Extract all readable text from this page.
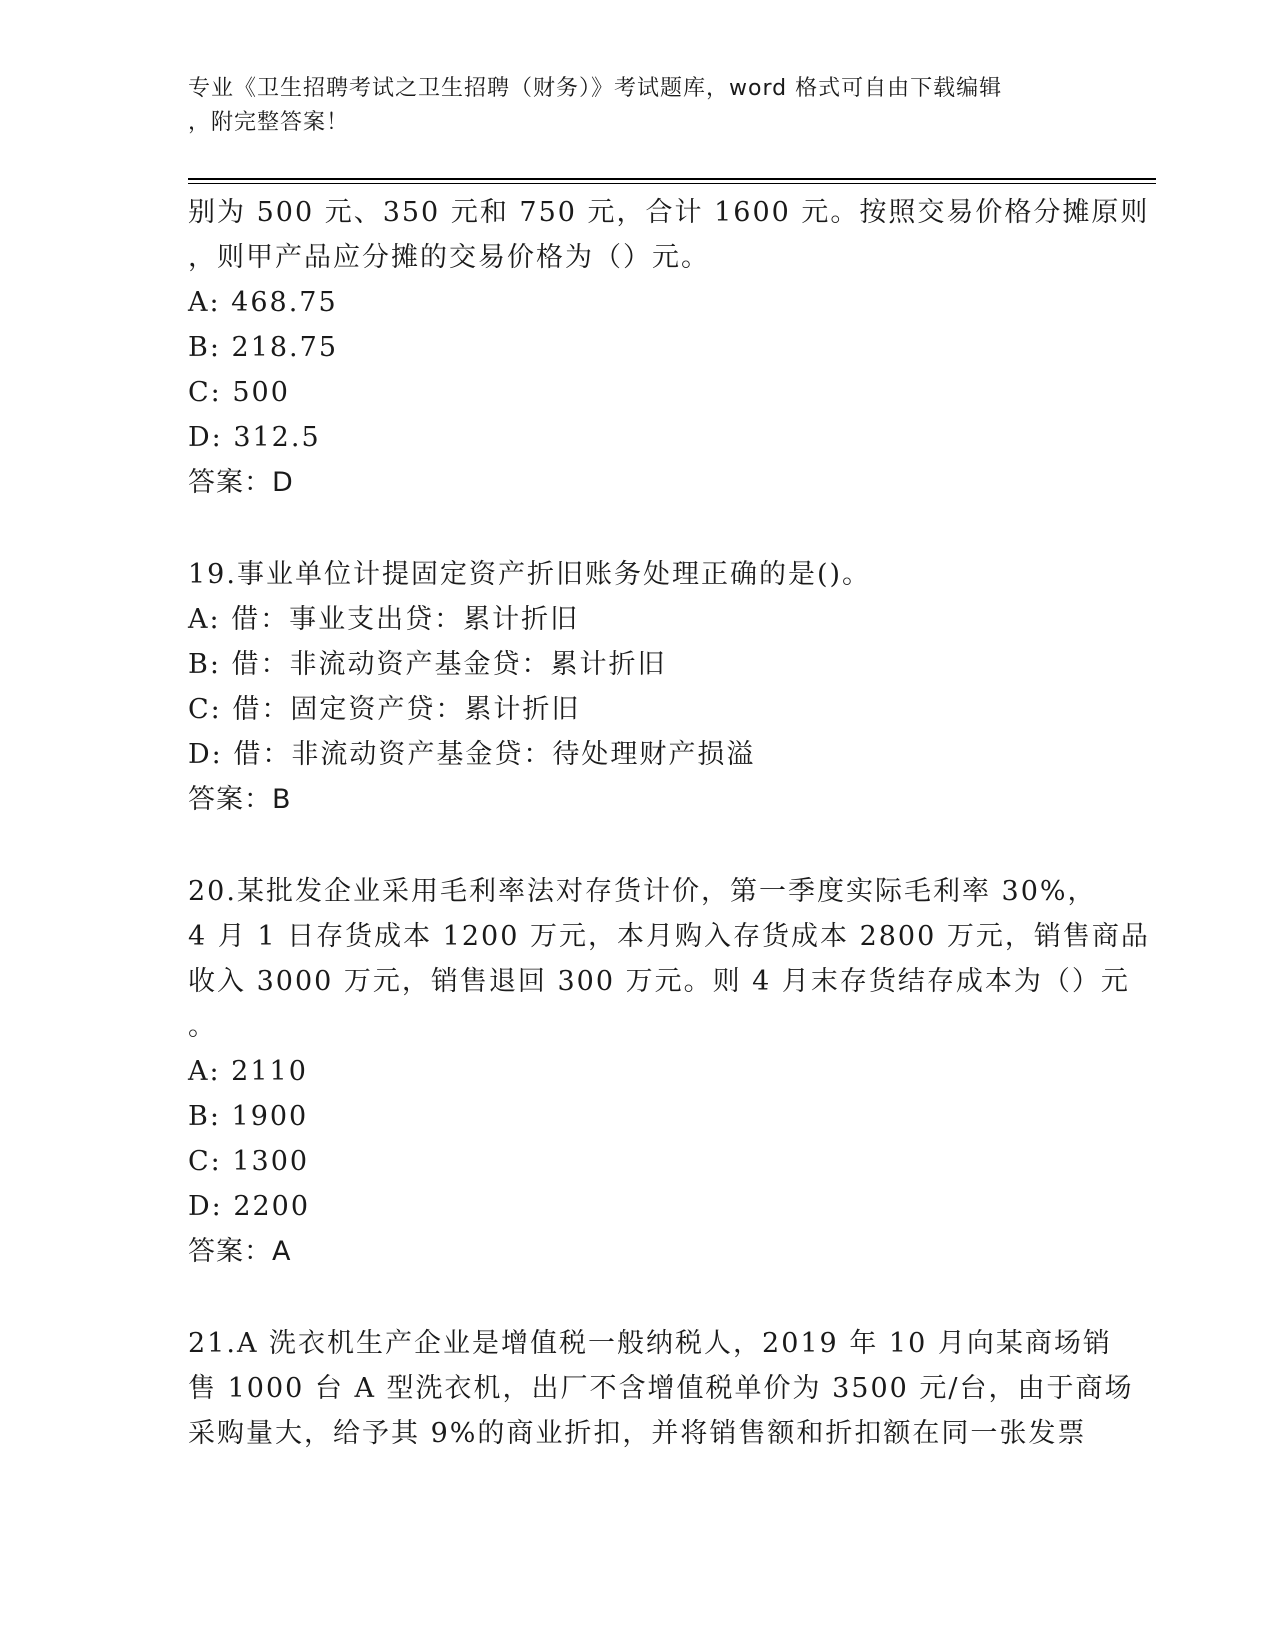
专业《卫生招聘考试之卫生招聘（财务）》考试题库，word 格式可自由下载编辑
，附完整答案！
别为 500 元、350 元和 750 元，合计 1600 元。按照交易价格分摊原则
，则甲产品应分摊的交易价格为（）元。
A: 468.75
B: 218.75
C: 500
D: 312.5
答案：D
19.事业单位计提固定资产折旧账务处理正确的是()。
A: 借：事业支出贷：累计折旧
B: 借：非流动资产基金贷：累计折旧
C: 借：固定资产贷：累计折旧
D: 借：非流动资产基金贷：待处理财产损溢
答案：B
20.某批发企业采用毛利率法对存货计价，第一季度实际毛利率 30%，
4 月 1 日存货成本 1200 万元，本月购入存货成本 2800 万元，销售商品
收入 3000 万元，销售退回 300 万元。则 4 月末存货结存成本为（）元
。
A: 2110
B: 1900
C: 1300
D: 2200
答案：A
21.A 洗衣机生产企业是增值税一般纳税人，2019 年 10 月向某商场销
售 1000 台 A 型洗衣机，出厂不含增值税单价为 3500 元/台，由于商场
采购量大，给予其 9%的商业折扣，并将销售额和折扣额在同一张发票
